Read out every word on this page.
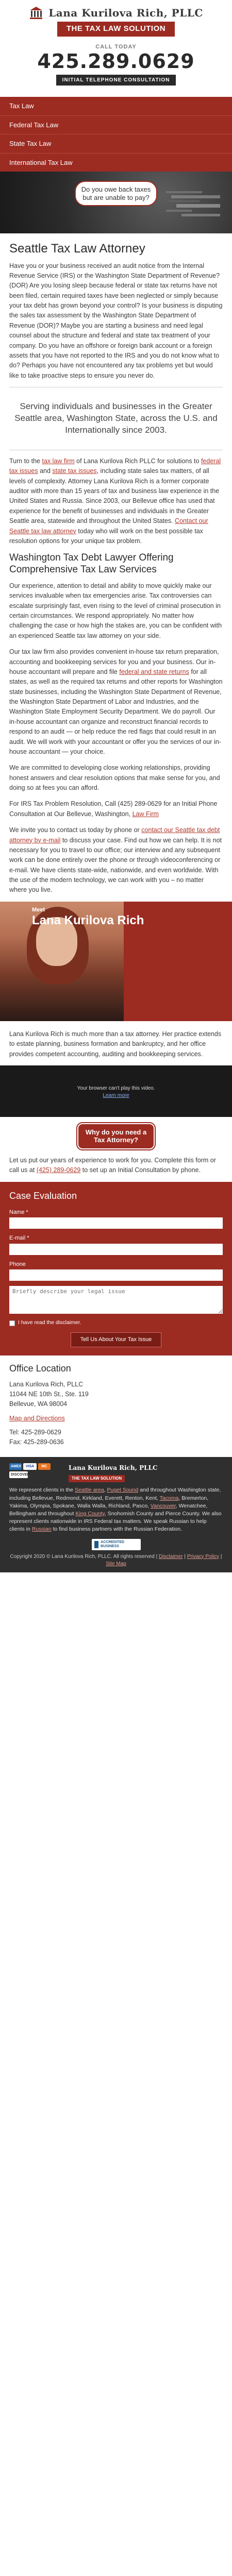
Lana Kurilova Rich, PLLC
THE TAX LAW SOLUTION
CALL TODAY
425.289.0629
INITIAL TELEPHONE CONSULTATION
Tax Law
Federal Tax Law
State Tax Law
International Tax Law
Do you owe back taxes but are unable to pay?
Seattle Tax Law Attorney

Have you or your business received an audit notice from the Internal Revenue Service (IRS) or the Washington State Department of Revenue? (DOR) Are you losing sleep because federal or state tax returns have not been filed, certain required taxes have been neglected or simply because your tax debt has grown beyond your control? Is your business is disputing the sales tax assessment by the Washington State Department of Revenue (DOR)? Maybe you are starting a business and need legal counsel about the structure and federal and state tax treatment of your company. Do you have an offshore or foreign bank account or a foreign assets that you have not reported to the IRS and you do not know what to do? Perhaps you have not encountered any tax problems yet but would like to take proactive steps to ensure you never do.

Serving individuals and businesses in the Greater Seattle area, Washington State, across the U.S. and Internationally since 2003.

Turn to the tax law firm of Lana Kurilova Rich PLLC for solutions to federal tax issues and state tax issues, including state sales tax matters, of all levels of complexity. Attorney Lana Kurilova Rich is a former corporate auditor with more than 15 years of tax and business law experience in the United States and Russia. Since 2003, our Bellevue office has used that experience for the benefit of businesses and individuals in the Greater Seattle area, statewide and throughout the United States. Contact our Seattle tax law attorney today who will work on the best possible tax resolution options for your unique tax problem.

Washington Tax Debt Lawyer Offering Comprehensive Tax Law Services

Our experience, attention to detail and ability to move quickly make our services invaluable when tax emergencies arise. Tax controversies can escalate surprisingly fast, even rising to the level of criminal prosecution in certain circumstances. We respond appropriately. No matter how challenging the case or how high the stakes are, you can be confident with an experienced Seattle tax law attorney on your side.

Our tax law firm also provides convenient in-house tax return preparation, accounting and bookkeeping services for you and your business. Our in-house accountant will prepare and file federal and state returns for all states, as well as the required tax returns and other reports for Washington state businesses, including the Washington State Department of Revenue, the Washington State Department of Labor and Industries, and the Washington State Employment Security Department. We do payroll. Our in-house accountant can organize and reconstruct financial records to respond to an audit — or help reduce the red flags that could result in an audit. We will work with your accountant or offer you the services of our in-house accountant — your choice.

We are committed to developing close working relationships, providing honest answers and clear resolution options that make sense for you, and doing so at fees you can afford.

For IRS Tax Problem Resolution, Call (425) 289-0629 for an Initial Phone Consultation at Our Bellevue, Washington, Law Firm

We invite you to contact us today by phone or contact our Seattle tax debt attorney by e-mail to discuss your case. Find out how we can help. It is not necessary for you to travel to our office; our interview and any subsequent work can be done entirely over the phone or through videoconferencing or e-mail. We have clients state-wide, nationwide, and even worldwide. With the use of the modern technology, we can work with you – no matter where you live.

Meet
Lana Kurilova Rich

Lana Kurilova Rich is much more than a tax attorney. Her practice extends to estate planning, business formation and bankruptcy, and her office provides competent accounting, auditing and bookkeeping services.

Your browser can't play this video.
Learn more
Why do you need a Tax Attorney?

Let us put our years of experience to work for you. Complete this form or call us at (425) 289-0629 to set up an Initial Consultation by phone.

Case Evaluation
Name *
E-mail *
Phone
Briefly describe your legal issue
I have read the disclaimer.
Tell Us About Your Tax Issue
Office Location

Lana Kurilova Rich, PLLC
11044 NE 10th St., Ste. 119
Bellevue, WA 98004

Map and Directions

Tel: 425-289-0629
Fax: 425-289-0636

AMEX	VISA	MC
DISCOVER
Lana Kurilova Rich, PLLC
THE TAX LAW SOLUTION
We represent clients in the Seattle area, Puget Sound and throughout Washington state, including Bellevue, Redmond, Kirkland, Everett, Renton, Kent, Tacoma, Bremerton, Yakima, Olympia, Spokane, Walla Walla, Richland, Pasco, Vancouver, Wenatchee, Bellingham and throughout King County, Snohomish County and Pierce County. We also represent clients nationwide in IRS Federal tax matters. We speak Russian to help clients in Russian to find business partners with the Russian Federation.
ACCREDITED BUSINESS
Copyright 2020 © Lana Kurilova Rich, PLLC. All rights reserved | Disclaimer | Privacy Policy | Site Map
